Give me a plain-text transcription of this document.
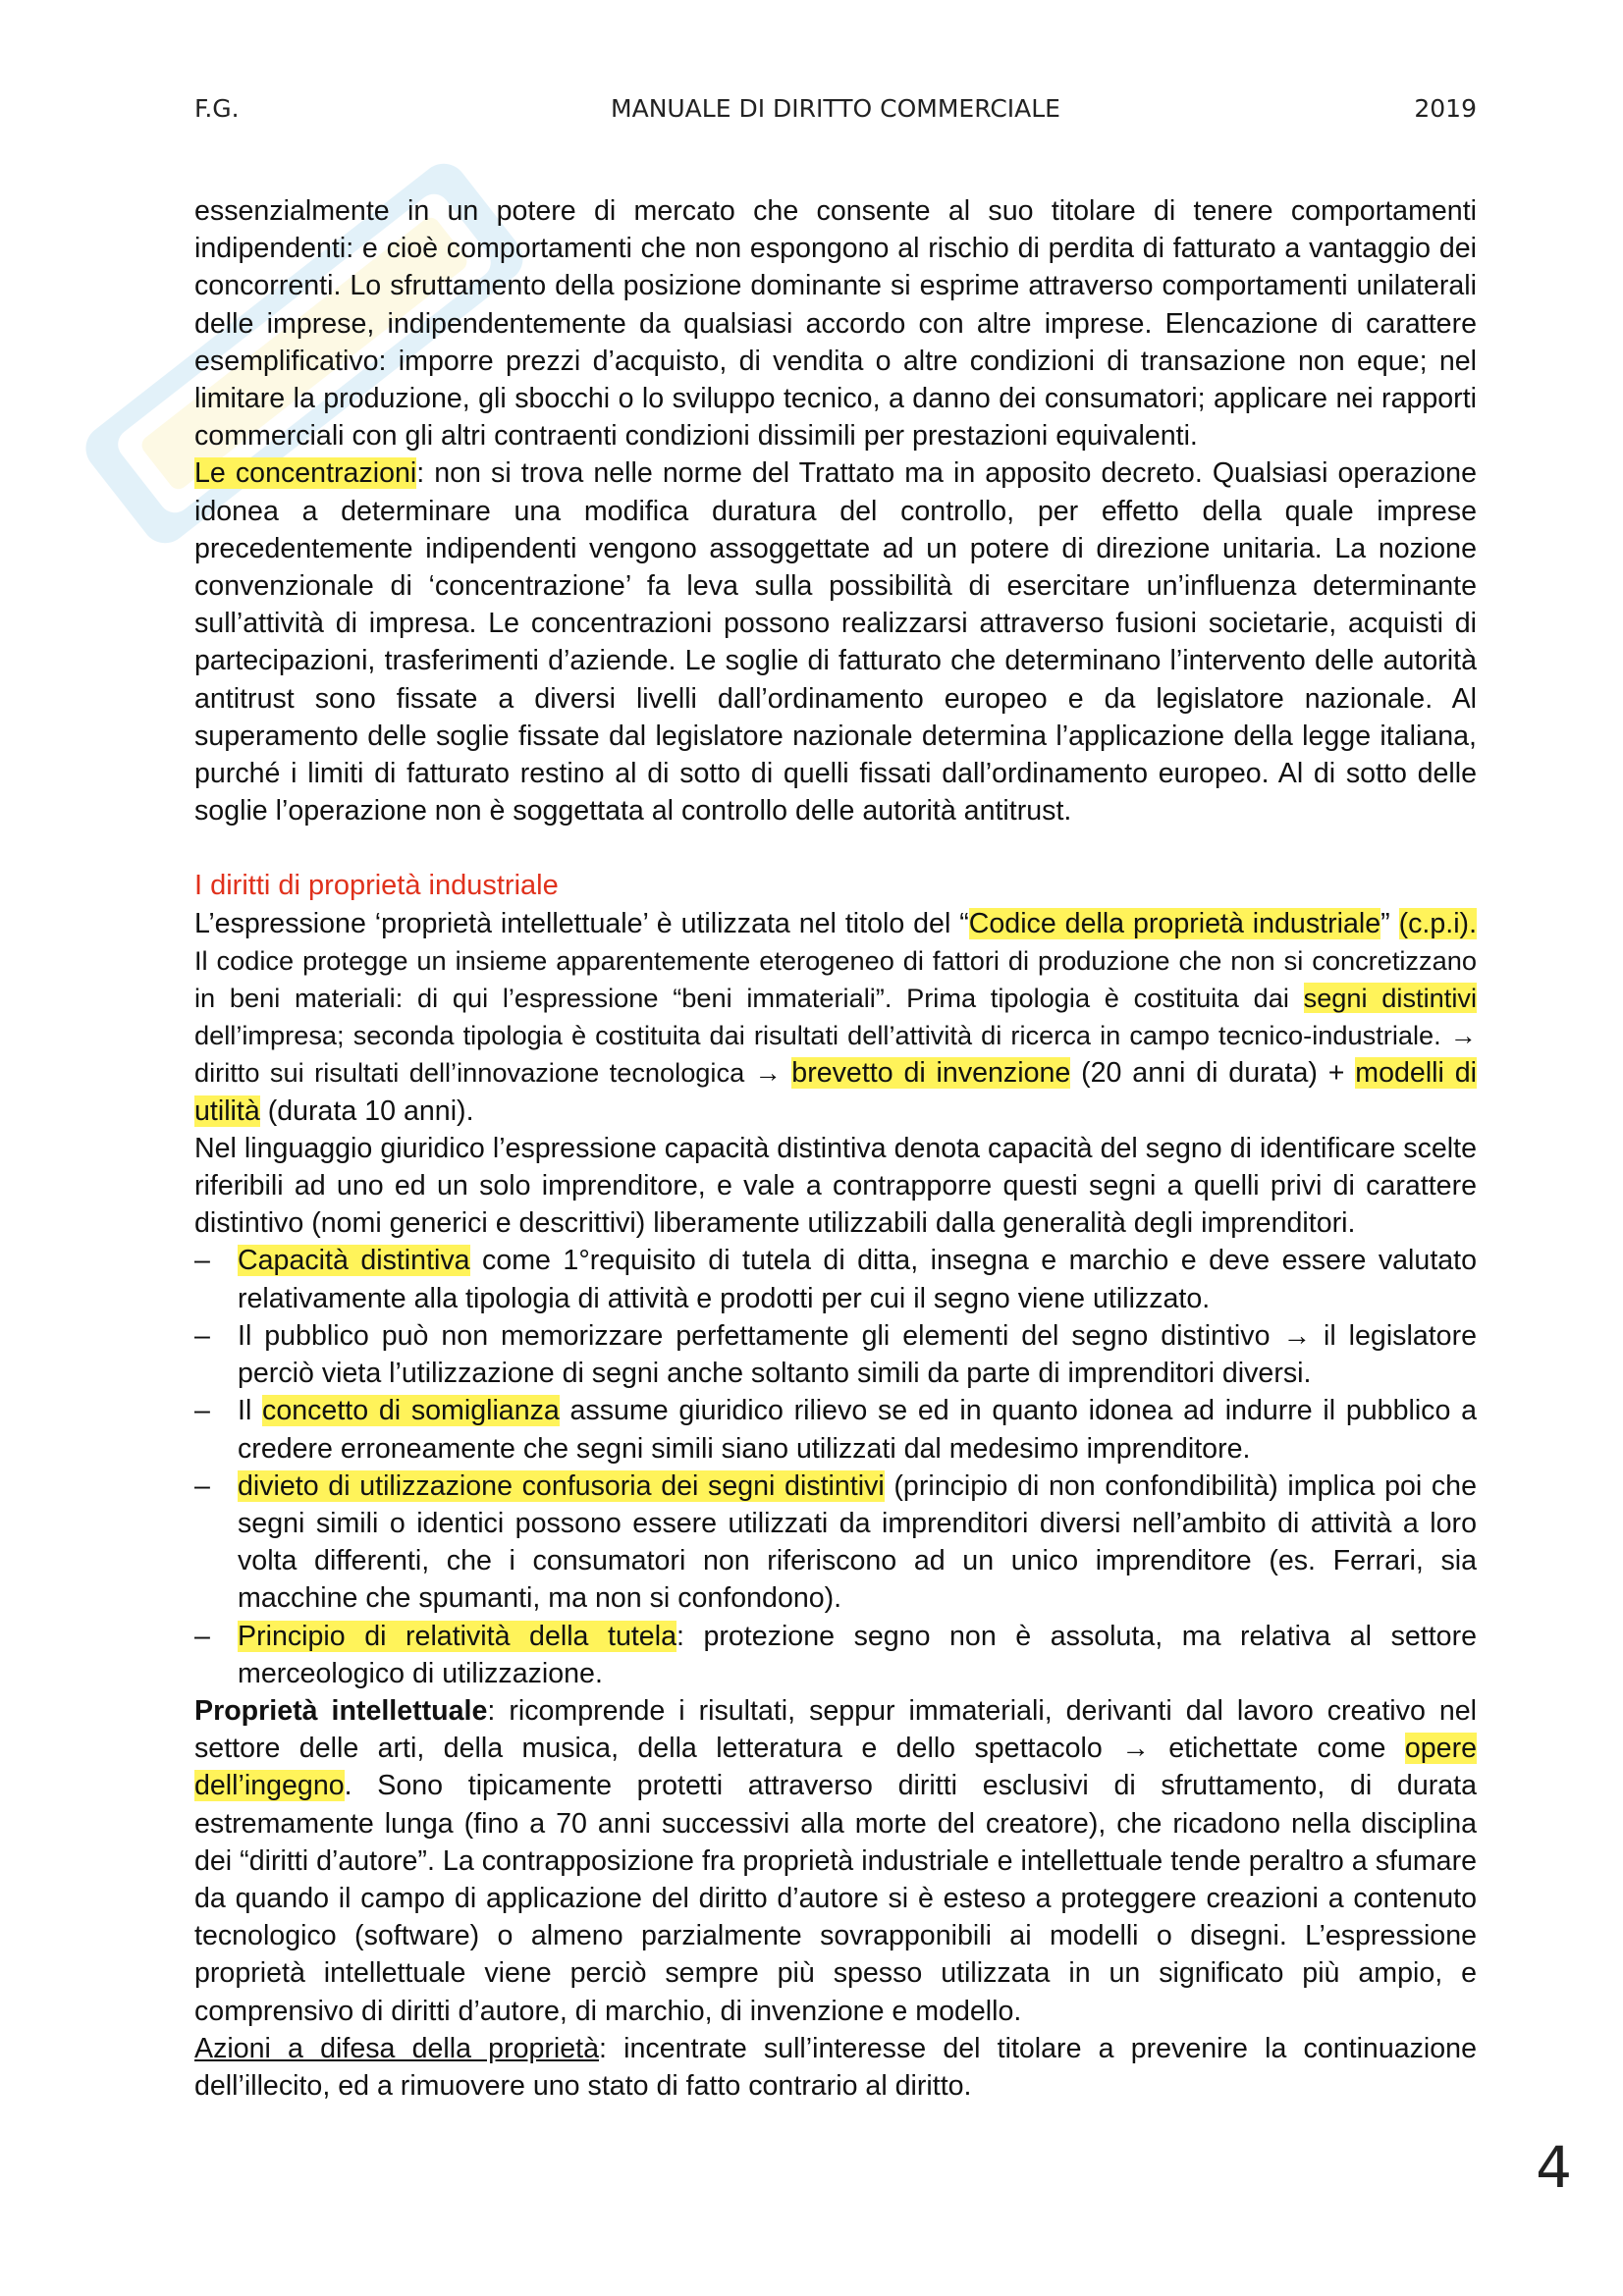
MANUALE DI DIRITTO COMMERCIALE
F.G.	2019

essenzialmente in un potere di mercato che consente al suo titolare di tenere comportamenti indipendenti: e cioè comportamenti che non espongono al rischio di perdita di fatturato a vantaggio dei concorrenti. Lo sfruttamento della posizione dominante si esprime attraverso comportamenti unilaterali delle imprese, indipendentemente da qualsiasi accordo con altre imprese. Elencazione di carattere esemplificativo: imporre prezzi d’acquisto, di vendita o altre condizioni di transazione non eque; nel limitare la produzione, gli sbocchi o lo sviluppo tecnico, a danno dei consumatori; applicare nei rapporti commerciali con gli altri contraenti condizioni dissimili per prestazioni equivalenti.

Le concentrazioni: non si trova nelle norme del Trattato ma in apposito decreto. Qualsiasi operazione idonea a determinare una modifica duratura del controllo, per effetto della quale imprese precedentemente indipendenti vengono assoggettate ad un potere di direzione unitaria. La nozione convenzionale di ‘concentrazione’ fa leva sulla possibilità di esercitare un’influenza determinante sull’attività di impresa. Le concentrazioni possono realizzarsi attraverso fusioni societarie, acquisti di partecipazioni, trasferimenti d’aziende. Le soglie di fatturato che determinano l’intervento delle autorità antitrust sono fissate a diversi livelli dall’ordinamento europeo e da legislatore nazionale. Al superamento delle soglie fissate dal legislatore nazionale determina l’applicazione della legge italiana, purché i limiti di fatturato restino al di sotto di quelli fissati dall’ordinamento europeo. Al di sotto delle soglie l’operazione non è soggettata al controllo delle autorità antitrust.

I diritti di proprietà industriale

L’espressione ‘proprietà intellettuale’ è utilizzata nel titolo del “Codice della proprietà industriale” (c.p.i). Il codice protegge un insieme apparentemente eterogeneo di fattori di produzione che non si concretizzano in beni materiali: di qui l’espressione “beni immateriali”. Prima tipologia è costituita dai segni distintivi dell’impresa; seconda tipologia è costituita dai risultati dell’attività di ricerca in campo tecnico-industriale. → diritto sui risultati dell’innovazione tecnologica → brevetto di invenzione (20 anni di durata) + modelli di utilità (durata 10 anni).

Nel linguaggio giuridico l’espressione capacità distintiva denota capacità del segno di identificare scelte riferibili ad uno ed un solo imprenditore, e vale a contrapporre questi segni a quelli privi di carattere distintivo (nomi generici e descrittivi) liberamente utilizzabili dalla generalità degli imprenditori.

– Capacità distintiva come 1°requisito di tutela di ditta, insegna e marchio e deve essere valutato relativamente alla tipologia di attività e prodotti per cui il segno viene utilizzato.
– Il pubblico può non memorizzare perfettamente gli elementi del segno distintivo → il legislatore perciò vieta l’utilizzazione di segni anche soltanto simili da parte di imprenditori diversi.
– Il concetto di somiglianza assume giuridico rilievo se ed in quanto idonea ad indurre il pubblico a credere erroneamente che segni simili siano utilizzati dal medesimo imprenditore.
– divieto di utilizzazione confusoria dei segni distintivi (principio di non confondibilità) implica poi che segni simili o identici possono essere utilizzati da imprenditori diversi nell’ambito di attività a loro volta differenti, che i consumatori non riferiscono ad un unico imprenditore (es. Ferrari, sia macchine che spumanti, ma non si confondono).
– Principio di relatività della tutela: protezione segno non è assoluta, ma relativa al settore merceologico di utilizzazione.

Proprietà intellettuale: ricomprende i risultati, seppur immateriali, derivanti dal lavoro creativo nel settore delle arti, della musica, della letteratura e dello spettacolo → etichettate come opere dell’ingegno. Sono tipicamente protetti attraverso diritti esclusivi di sfruttamento, di durata estremamente lunga (fino a 70 anni successivi alla morte del creatore), che ricadono nella disciplina dei “diritti d’autore”. La contrapposizione fra proprietà industriale e intellettuale tende peraltro a sfumare da quando il campo di applicazione del diritto d’autore si è esteso a proteggere creazioni a contenuto tecnologico (software) o almeno parzialmente sovrapponibili ai modelli o disegni. L’espressione proprietà intellettuale viene perciò sempre più spesso utilizzata in un significato più ampio, e comprensivo di diritti d’autore, di marchio, di invenzione e modello.

Azioni a difesa della proprietà: incentrate sull’interesse del titolare a prevenire la continuazione dell’illecito, ed a rimuovere uno stato di fatto contrario al diritto.

4
